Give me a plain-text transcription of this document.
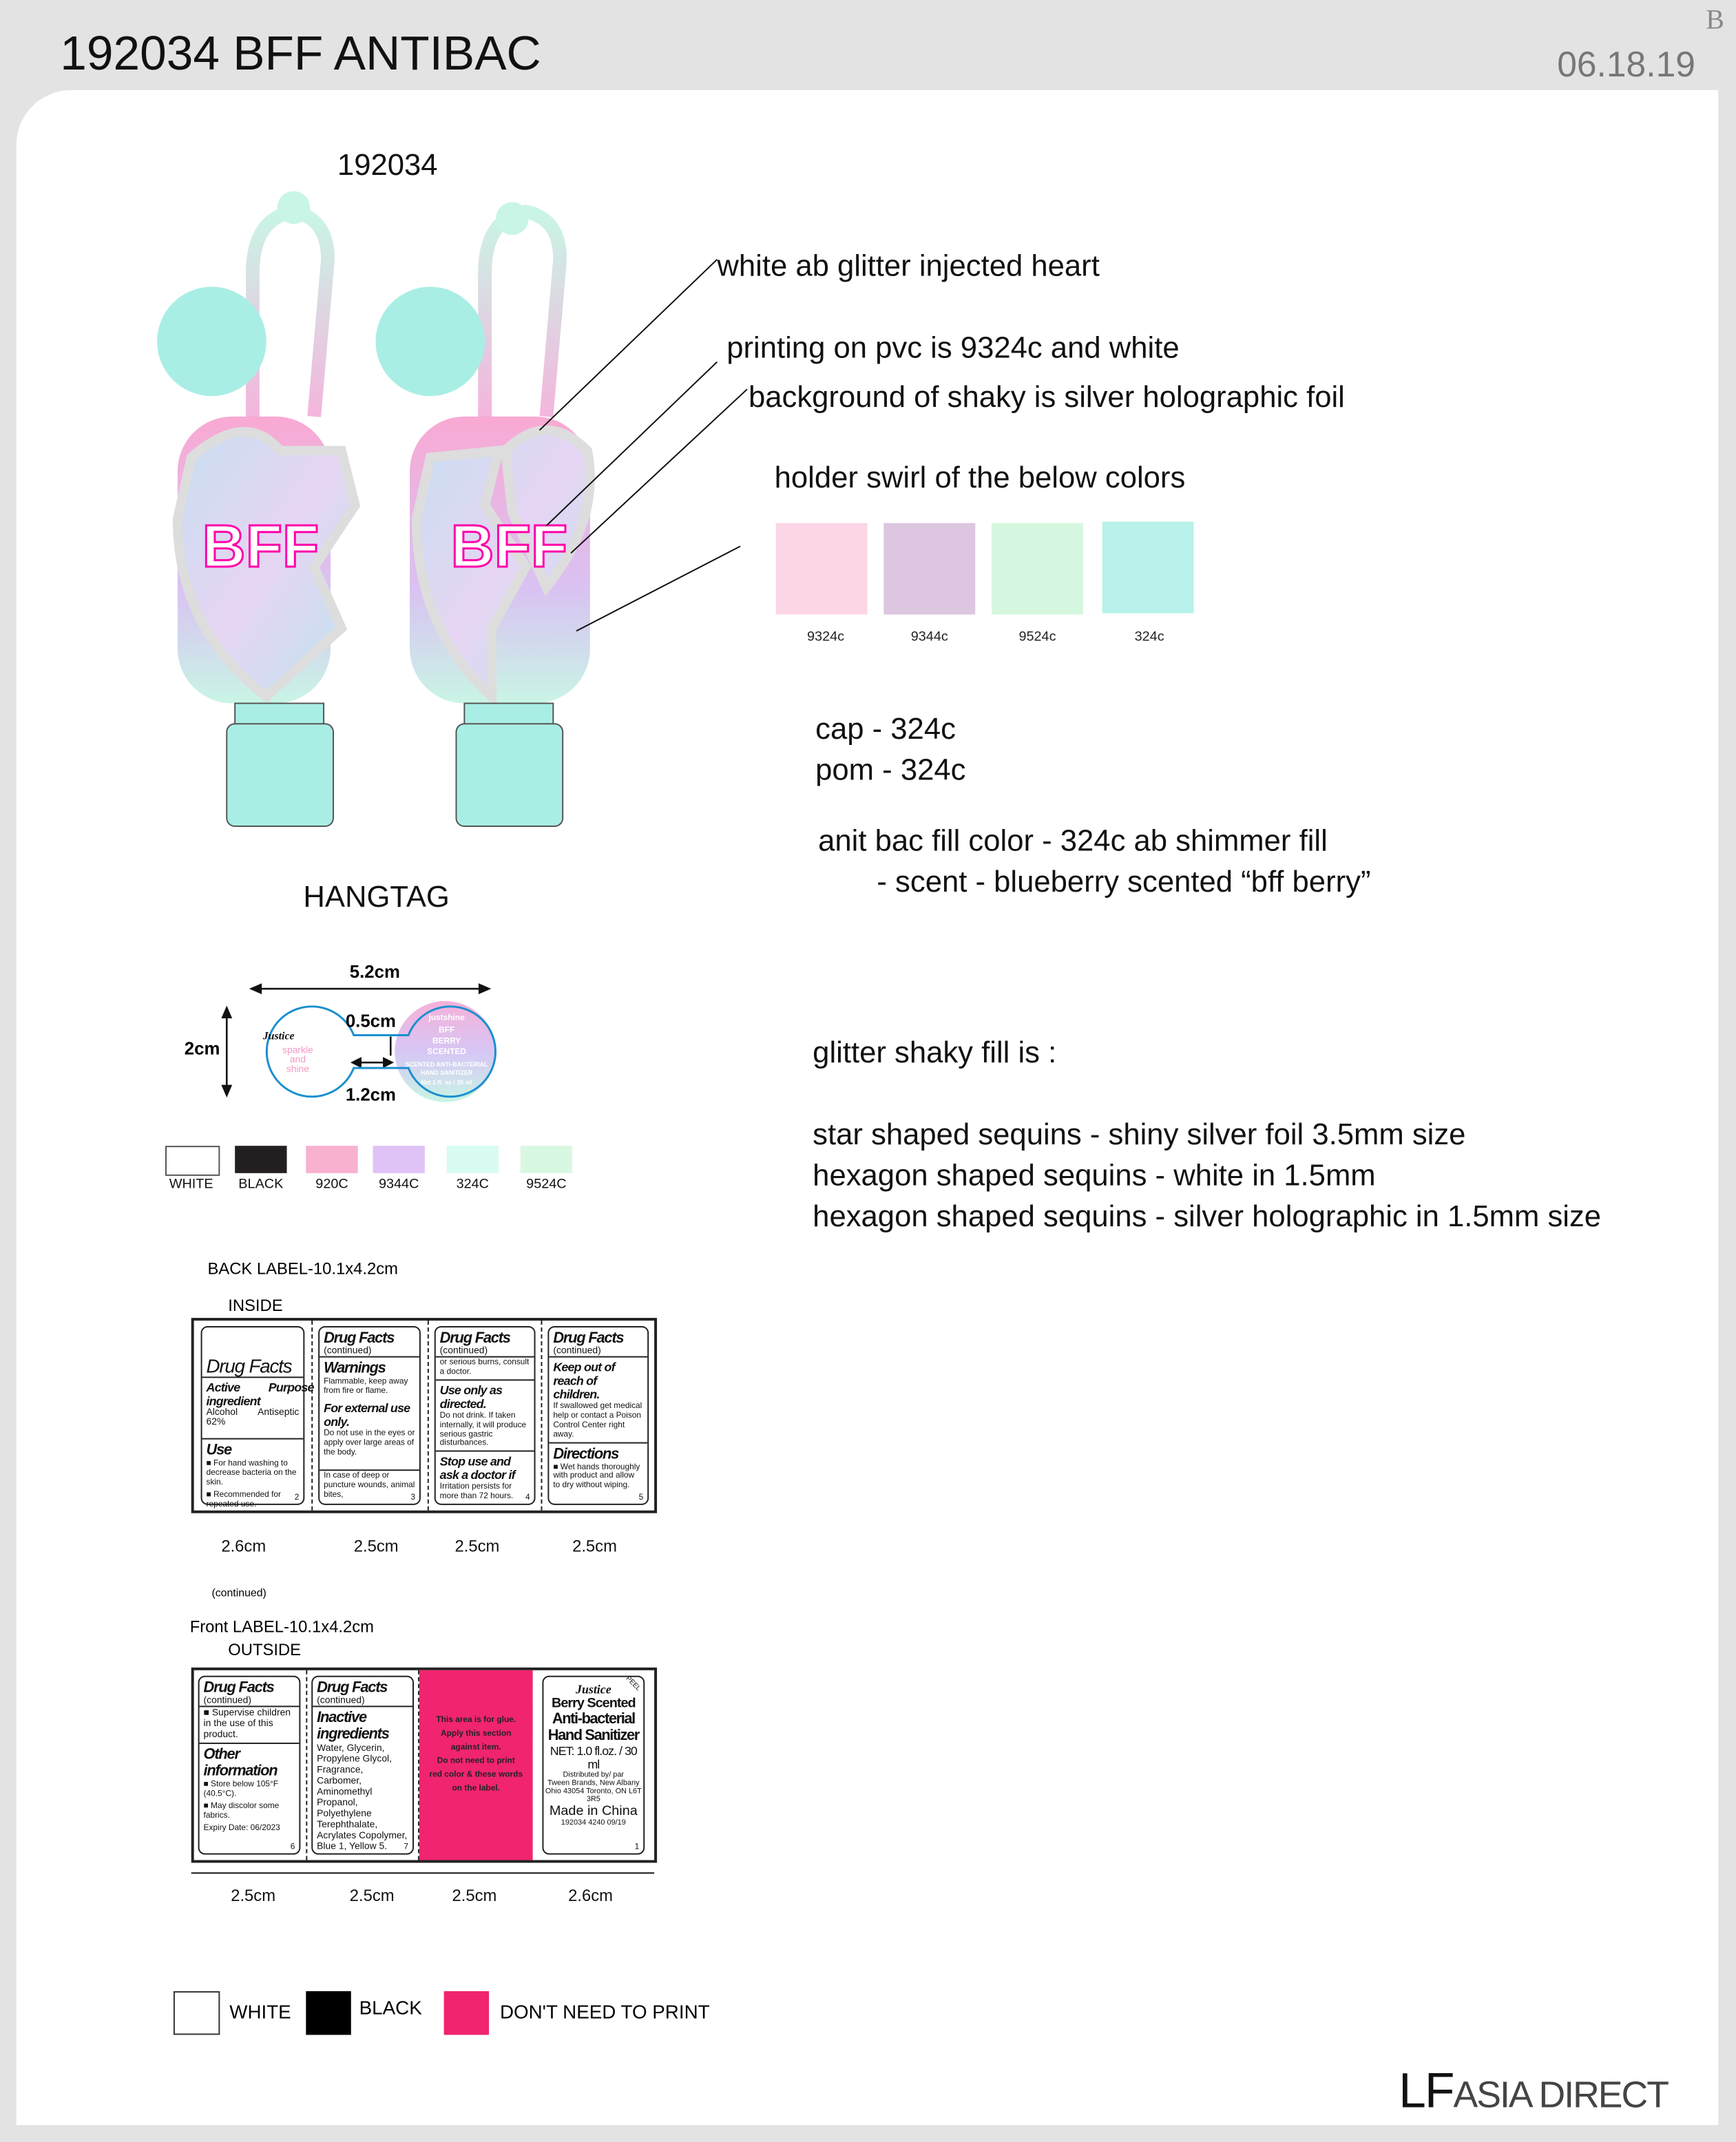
192034 BFF ANTIBAC	06.18.19
B
192034
BFF	BFF
white ab glitter injected heart
printing on pvc is 9324c and white
background of shaky is silver holographic foil
holder swirl of the below colors
9324c	9344c	9524c	324c
cap - 324c
pom - 324c
anit bac fill color - 324c ab shimmer fill
- scent - blueberry scented “bff berry”
glitter shaky fill is :
star shaped sequins - shiny silver foil 3.5mm size
hexagon shaped sequins - white in 1.5mm
hexagon shaped sequins - silver holographic in 1.5mm size
HANGTAG
Justice
sparkle
and
shine
justshine
BFF
BERRY
SCENTED
SCENTED ANTI-BACTERIAL
HAND SANITIZER
Net 1 fl. oz / 30 ml
5.2cm
2cm
0.5cm
1.2cm
WHITE	BLACK	920C	9344C	324C	9524C
BACK LABEL-10.1x4.2cm
INSIDE
Drug Facts
Active ingredient
Purpose
Alcohol 62%
Antiseptic
Use
■ For hand washing to decrease bacteria on the skin.
■ Recommended for repeated use.
2
Drug Facts
(continued)
Warnings
Flammable, keep away from fire or flame.
For external use only.
Do not use in the eyes or apply over large areas of the body.
In case of deep or puncture wounds, animal bites,	3
Drug Facts
(continued)
or serious burns, consult a doctor.
Use only as directed.
Do not drink. If taken internally, it will produce serious gastric disturbances.
Stop use and ask a doctor if
Irritation persists for more than 72 hours.	4
Drug Facts
(continued)
Keep out of reach of children.
If swallowed get medical help or contact a Poison Control Center right away.
Directions
■ Wet hands thoroughly with product and allow to dry without wiping.
5
2.6cm	2.5cm	2.5cm	2.5cm
(continued)
Front LABEL-10.1x4.2cm
OUTSIDE
Drug Facts
(continued)
■ Supervise children in the use of this product.
Other information
■ Store below 105°F (40.5°C).
■ May discolor some fabrics.
Expiry Date: 06/2023
6
Drug Facts
(continued)
Inactive ingredients
Water, Glycerin, Propylene Glycol, Fragrance, Carbomer, Aminomethyl Propanol, Polyethylene Terephthalate, Acrylates Copolymer, Blue 1, Yellow 5.	7
This area is for glue.
Apply this section
against item.
Do not need to print
red color & these words
on the label.
Justice	PEEL
Berry Scented
Anti-bacterial
Hand Sanitizer
NET: 1.0 fl.oz. / 30 ml
Distributed by/ par
Tween Brands, New Albany
Ohio 43054 Toronto, ON L6T 3R5
Made in China
192034 4240 09/19
1
2.5cm	2.5cm	2.5cm	2.6cm
WHITE	BLACK	DON'T NEED TO PRINT
LFASIA DIRECT
